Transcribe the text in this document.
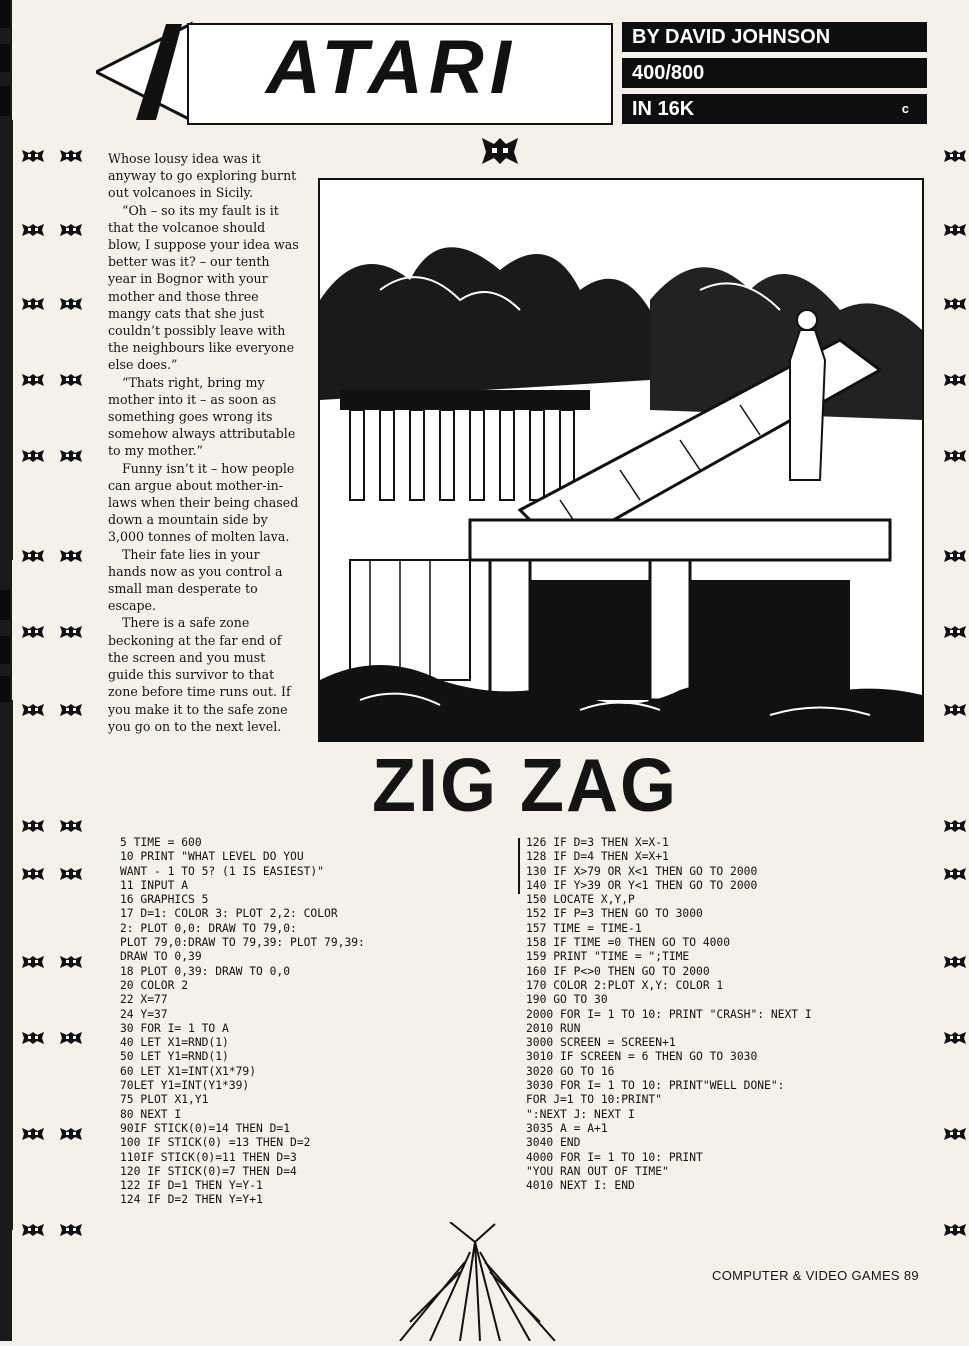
ATARI	BY DAVID JOHNSON
400/800
IN 16K	c

Whose lousy idea was it anyway to go exploring burnt out volcanoes in Sicily.

“Oh – so its my fault is it that the volcanoe should blow, I suppose your idea was better was it? – our tenth year in Bognor with your mother and those three mangy cats that she just couldn’t possibly leave with the neighbours like everyone else does.”

“Thats right, bring my mother into it – as soon as something goes wrong its somehow always attributable to my mother.”

Funny isn’t it – how people can argue about mother-in-laws when their being chased down a mountain side by 3,000 tonnes of molten lava.

Their fate lies in your hands now as you control a small man desperate to escape.

There is a safe zone beckoning at the far end of the screen and you must guide this survivor to that zone before time runs out. If you make it to the safe zone you go on to the next level.

ZIG ZAG
5 TIME = 600
10 PRINT "WHAT LEVEL DO YOU
WANT - 1 TO 5? (1 IS EASIEST)"
11 INPUT A
16 GRAPHICS 5
17 D=1: COLOR 3: PLOT 2,2: COLOR
2: PLOT 0,0: DRAW TO 79,0:
PLOT 79,0:DRAW TO 79,39: PLOT 79,39:
DRAW TO 0,39
18 PLOT 0,39: DRAW TO 0,0
20 COLOR 2
22 X=77
24 Y=37
30 FOR I= 1 TO A
40 LET X1=RND(1)
50 LET Y1=RND(1)
60 LET X1=INT(X1*79)
70LET Y1=INT(Y1*39)
75 PLOT X1,Y1
80 NEXT I
90IF STICK(0)=14 THEN D=1
100 IF STICK(0) =13 THEN D=2
110IF STICK(0)=11 THEN D=3
120 IF STICK(0)=7 THEN D=4
122 IF D=1 THEN Y=Y-1
124 IF D=2 THEN Y=Y+1
126 IF D=3 THEN X=X-1
128 IF D=4 THEN X=X+1
130 IF X>79 OR X<1 THEN GO TO 2000
140 IF Y>39 OR Y<1 THEN GO TO 2000
150 LOCATE X,Y,P
152 IF P=3 THEN GO TO 3000
157 TIME = TIME-1
158 IF TIME =0 THEN GO TO 4000
159 PRINT "TIME = ";TIME
160 IF P<>0 THEN GO TO 2000
170 COLOR 2:PLOT X,Y: COLOR 1
190 GO TO 30
2000 FOR I= 1 TO 10: PRINT "CRASH": NEXT I
2010 RUN
3000 SCREEN = SCREEN+1
3010 IF SCREEN = 6 THEN GO TO 3030
3020 GO TO 16
3030 FOR I= 1 TO 10: PRINT"WELL DONE":
FOR J=1 TO 10:PRINT"
":NEXT J: NEXT I
3035 A = A+1
3040 END
4000 FOR I= 1 TO 10: PRINT
"YOU RAN OUT OF TIME"
4010 NEXT I: END
COMPUTER & VIDEO GAMES 89
